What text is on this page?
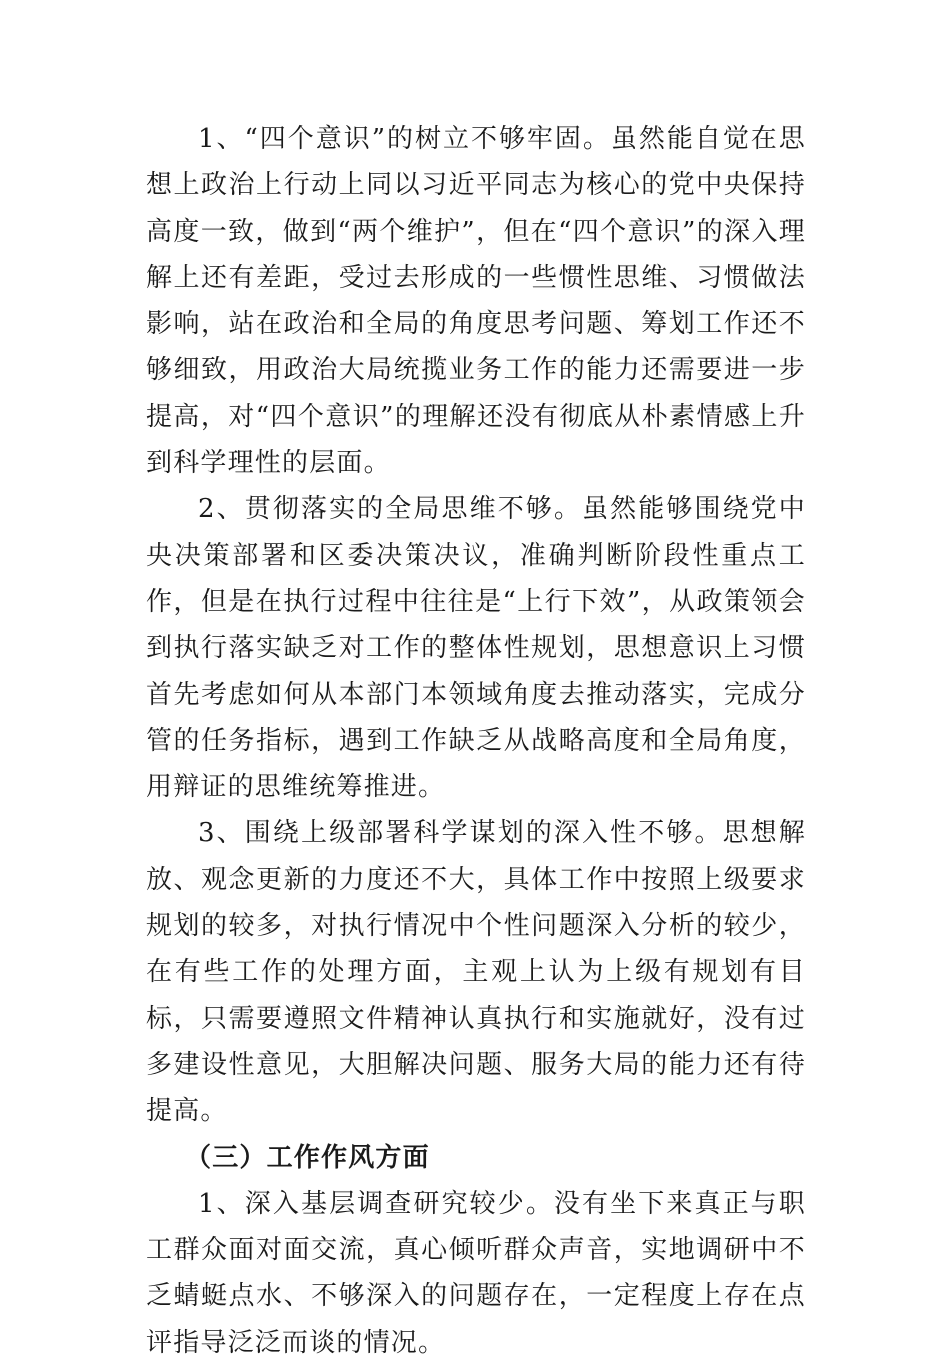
1、“四个意识”的树立不够牢固。虽然能自觉在思想上政治上行动上同以习近平同志为核心的党中央保持高度一致，做到“两个维护”，但在“四个意识”的深入理解上还有差距，受过去形成的一些惯性思维、习惯做法影响，站在政治和全局的角度思考问题、筹划工作还不够细致，用政治大局统揽业务工作的能力还需要进一步提高，对“四个意识”的理解还没有彻底从朴素情感上升到科学理性的层面。

2、贯彻落实的全局思维不够。虽然能够围绕党中央决策部署和区委决策决议，准确判断阶段性重点工作，但是在执行过程中往往是“上行下效”，从政策领会到执行落实缺乏对工作的整体性规划，思想意识上习惯首先考虑如何从本部门本领域角度去推动落实，完成分管的任务指标，遇到工作缺乏从战略高度和全局角度，用辩证的思维统筹推进。

3、围绕上级部署科学谋划的深入性不够。思想解放、观念更新的力度还不大，具体工作中按照上级要求规划的较多，对执行情况中个性问题深入分析的较少，在有些工作的处理方面，主观上认为上级有规划有目标，只需要遵照文件精神认真执行和实施就好，没有过多建设性意见，大胆解决问题、服务大局的能力还有待提高。

（三）工作作风方面

1、深入基层调查研究较少。没有坐下来真正与职工群众面对面交流，真心倾听群众声音，实地调研中不乏蜻蜓点水、不够深入的问题存在，一定程度上存在点评指导泛泛而谈的情况。
